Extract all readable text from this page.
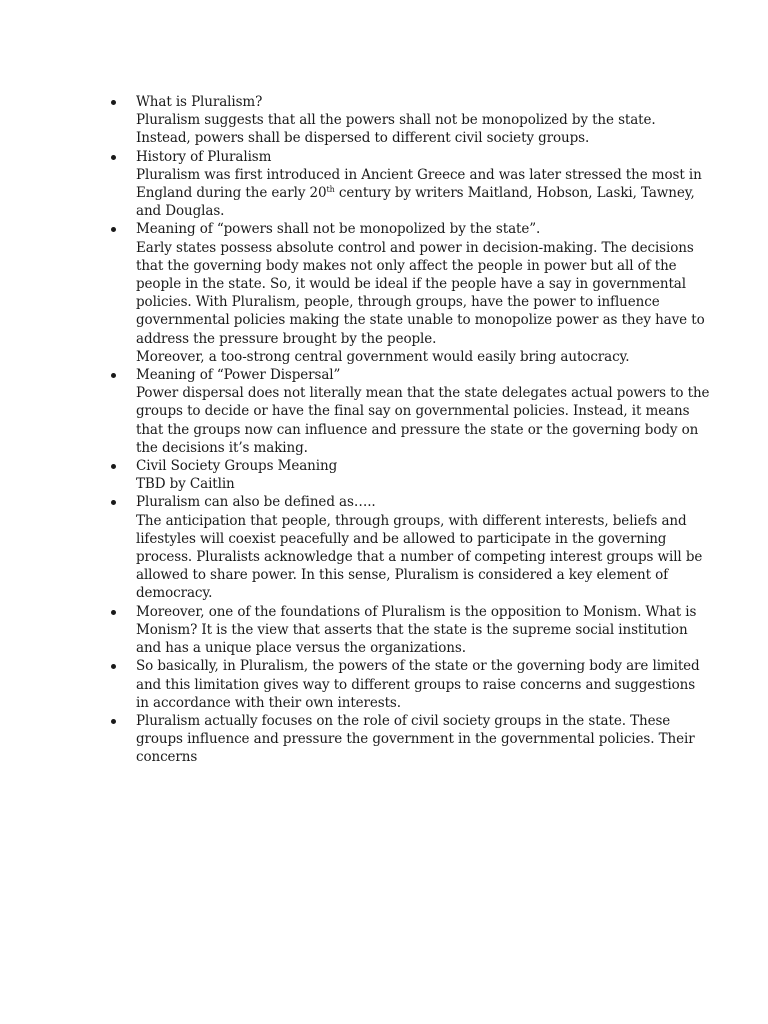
What is Pluralism?
Pluralism suggests that all the powers shall not be monopolized by the state.
Instead, powers shall be dispersed to different civil society groups.
History of Pluralism
Pluralism was first introduced in Ancient Greece and was later stressed the most in
England during the early 20th century by writers Maitland, Hobson, Laski, Tawney,
and Douglas.
Meaning of “powers shall not be monopolized by the state”.
Early states possess absolute control and power in decision-making. The decisions
that the governing body makes not only affect the people in power but all of the
people in the state. So, it would be ideal if the people have a say in governmental
policies. With Pluralism, people, through groups, have the power to influence
governmental policies making the state unable to monopolize power as they have to
address the pressure brought by the people.
Moreover, a too-strong central government would easily bring autocracy.
Meaning of “Power Dispersal”
Power dispersal does not literally mean that the state delegates actual powers to the
groups to decide or have the final say on governmental policies. Instead, it means
that the groups now can influence and pressure the state or the governing body on
the decisions it’s making.
Civil Society Groups Meaning
TBD by Caitlin
Pluralism can also be defined as…..
The anticipation that people, through groups, with different interests, beliefs and
lifestyles will coexist peacefully and be allowed to participate in the governing
process. Pluralists acknowledge that a number of competing interest groups will be
allowed to share power. In this sense, Pluralism is considered a key element of
democracy.
Moreover, one of the foundations of Pluralism is the opposition to Monism. What is
Monism? It is the view that asserts that the state is the supreme social institution
and has a unique place versus the organizations.
So basically, in Pluralism, the powers of the state or the governing body are limited
and this limitation gives way to different groups to raise concerns and suggestions
in accordance with their own interests.
Pluralism actually focuses on the role of civil society groups in the state. These
groups influence and pressure the government in the governmental policies. Their
concerns
